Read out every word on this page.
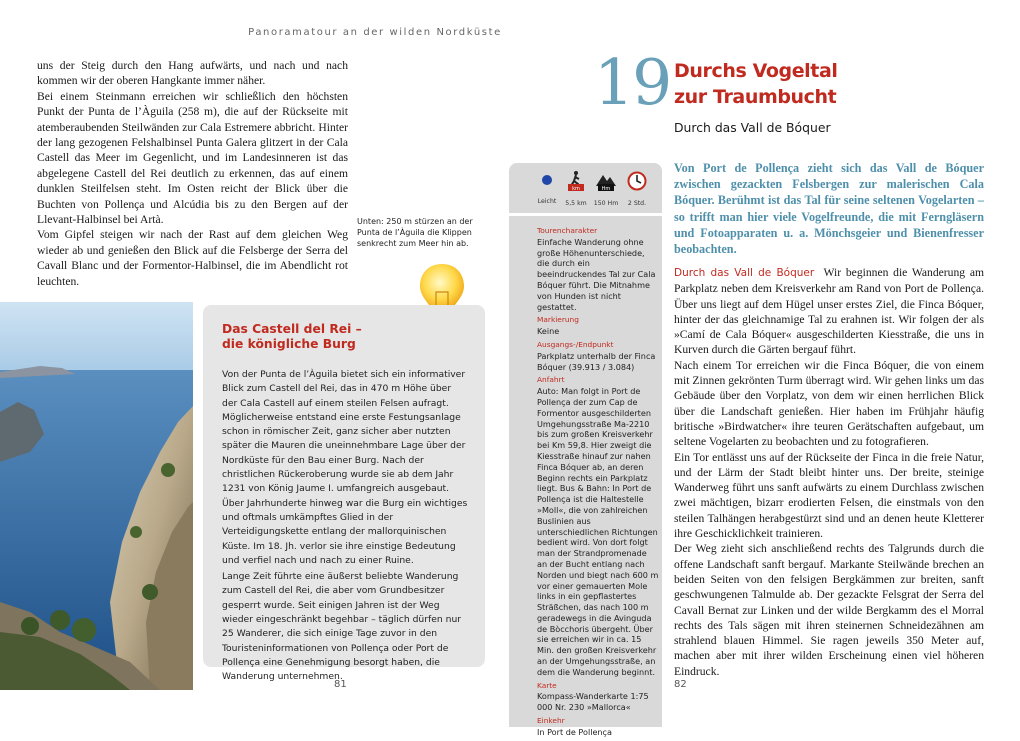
Panoramatour an der wilden Nordküste

uns der Steig durch den Hang aufwärts, und nach und nach kommen wir der oberen Hangkante immer näher.

Bei einem Steinmann erreichen wir schließlich den höchsten Punkt der Punta de l’Àguila (258 m), die auf der Rückseite mit atemberaubenden Steilwänden zur Cala Estremere abbricht. Hinter der lang gezogenen Felshalbinsel Punta Galera glitzert in der Cala Castell das Meer im Gegenlicht, und im Landesinneren ist das abgelegene Castell del Rei deutlich zu erkennen, das auf einem dunklen Steilfelsen steht. Im Osten reicht der Blick über die Buchten von Pollença und Alcúdia bis zu den Bergen auf der Llevant-Halbinsel bei Artà.

Vom Gipfel steigen wir nach der Rast auf dem gleichen Weg wieder ab und genießen den Blick auf die Felsberge der Serra del Cavall Blanc und der Formentor-Halbinsel, die im Abendlicht rot leuchten.

Unten: 250 m stürzen an der Punta de l’Àguila die Klippen senkrecht zum Meer hin ab.
Das Castell del Rei –
die königliche Burg

Von der Punta de l’Àguila bietet sich ein informativer Blick zum Castell del Rei, das in 470 m Höhe über der Cala Castell auf einem steilen Felsen aufragt. Möglicherweise entstand eine erste Festungsanlage schon in römischer Zeit, ganz sicher aber nutzten später die Mauren die uneinnehmbare Lage über der Nordküste für den Bau einer Burg. Nach der christlichen Rückeroberung wurde sie ab dem Jahr 1231 von König Jaume I. umfangreich ausgebaut. Über Jahrhunderte hinweg war die Burg ein wichtiges und oftmals umkämpftes Glied in der Verteidigungskette entlang der mallorquinischen Küste. Im 18. Jh. verlor sie ihre einstige Bedeutung und verfiel nach und nach zu einer Ruine.

Lange Zeit führte eine äußerst beliebte Wanderung zum Castell del Rei, die aber vom Grundbesitzer gesperrt wurde. Seit einigen Jahren ist der Weg wieder eingeschränkt begehbar – täglich dürfen nur 25 Wanderer, die sich einige Tage zuvor in den Touristeninformationen von Pollença oder Port de Pollença eine Genehmigung besorgt haben, die Wanderung unternehmen.

81
19 Durchs Vogeltal
zur Traumbucht
Durch das Vall de Bóquer
Leicht
km
5,5 km
Hm
150 Hm	2 Std.

Tourencharakter
Einfache Wanderung ohne große Höhenunterschiede, die durch ein beeindruckendes Tal zur Cala Bóquer führt. Die Mitnahme von Hunden ist nicht gestattet.

Markierung
Keine

Ausgangs-/Endpunkt
Parkplatz unterhalb der Finca Bóquer (39.913 / 3.084)

Anfahrt
Auto: Man folgt in Port de Pollença der zum Cap de Formentor ausgeschilderten Umgehungsstraße Ma-2210 bis zum großen Kreisverkehr bei Km 59,8. Hier zweigt die Kiesstraße hinauf zur nahen Finca Bóquer ab, an deren Beginn rechts ein Parkplatz liegt. Bus & Bahn: In Port de Pollença ist die Haltestelle »Moll«, die von zahlreichen Buslinien aus unterschiedlichen Richtungen bedient wird. Von dort folgt man der Strandpromenade an der Bucht entlang nach Norden und biegt nach 600 m vor einer gemauerten Mole links in ein gepflastertes Sträßchen, das nach 100 m geradewegs in die Avinguda de Bòcchoris übergeht. Über sie erreichen wir in ca. 15 Min. den großen Kreisverkehr an der Umgehungsstraße, an dem die Wanderung beginnt.

Karte
Kompass-Wanderkarte 1:75 000 Nr. 230 »Mallorca«

Einkehr
In Port de Pollença

Von Port de Pollença zieht sich das Vall de Bóquer zwischen gezackten Felsbergen zur malerischen Cala Bóquer. Berühmt ist das Tal für seine seltenen Vogelarten – so trifft man hier viele Vogelfreunde, die mit Ferngläsern und Fotoapparaten u. a. Mönchsgeier und Bienenfresser beobachten.

Durch das Vall de Bóquer Wir beginnen die Wanderung am Parkplatz neben dem Kreisverkehr am Rand von Port de Pollença. Über uns liegt auf dem Hügel unser erstes Ziel, die Finca Bóquer, hinter der das gleichnamige Tal zu erahnen ist. Wir folgen der als »Camí de Cala Bóquer« ausgeschilderten Kiesstraße, die uns in Kurven durch die Gärten bergauf führt.

Nach einem Tor erreichen wir die Finca Bóquer, die von einem mit Zinnen gekrönten Turm überragt wird. Wir gehen links um das Gebäude über den Vorplatz, von dem wir einen herrlichen Blick über die Landschaft genießen. Hier haben im Frühjahr häufig britische »Birdwatcher« ihre teuren Gerätschaften aufgebaut, um seltene Vogelarten zu beobachten und zu fotografieren.

Ein Tor entlässt uns auf der Rückseite der Finca in die freie Natur, und der Lärm der Stadt bleibt hinter uns. Der breite, steinige Wanderweg führt uns sanft aufwärts zu einem Durchlass zwischen zwei mächtigen, bizarr erodierten Felsen, die einstmals von den steilen Talhängen herabgestürzt sind und an denen heute Kletterer ihre Geschicklichkeit trainieren.

Der Weg zieht sich anschließend rechts des Talgrunds durch die offene Landschaft sanft bergauf. Markante Steilwände brechen an beiden Seiten von den felsigen Bergkämmen zur breiten, sanft geschwungenen Talmulde ab. Der gezackte Felsgrat der Serra del Cavall Bernat zur Linken und der wilde Bergkamm des el Morral rechts des Tals sägen mit ihren steinernen Schneidezähnen am strahlend blauen Himmel. Sie ragen jeweils 350 Meter auf, machen aber mit ihrer wilden Erscheinung einen viel höheren Eindruck.

82
